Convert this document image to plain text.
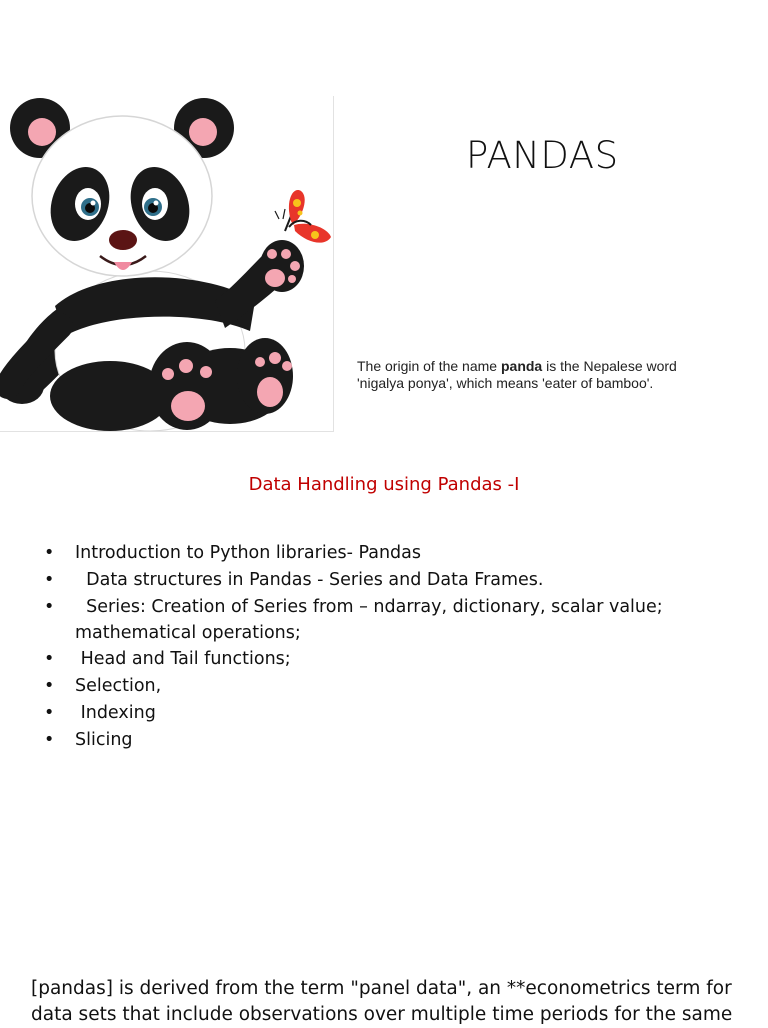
PANDAS
The origin of the name panda is the Nepalese word 'nigalya ponya', which means 'eater of bamboo'.
Data Handling using Pandas -I
• Introduction to Python libraries- Pandas
• Data structures in Pandas - Series and Data Frames.
• Series: Creation of Series from – ndarray, dictionary, scalar value; mathematical operations;
• Head and Tail functions;
• Selection,
• Indexing
• Slicing
[pandas] is derived from the term "panel data", an **econometrics term for data sets that include observations over multiple time periods for the same
